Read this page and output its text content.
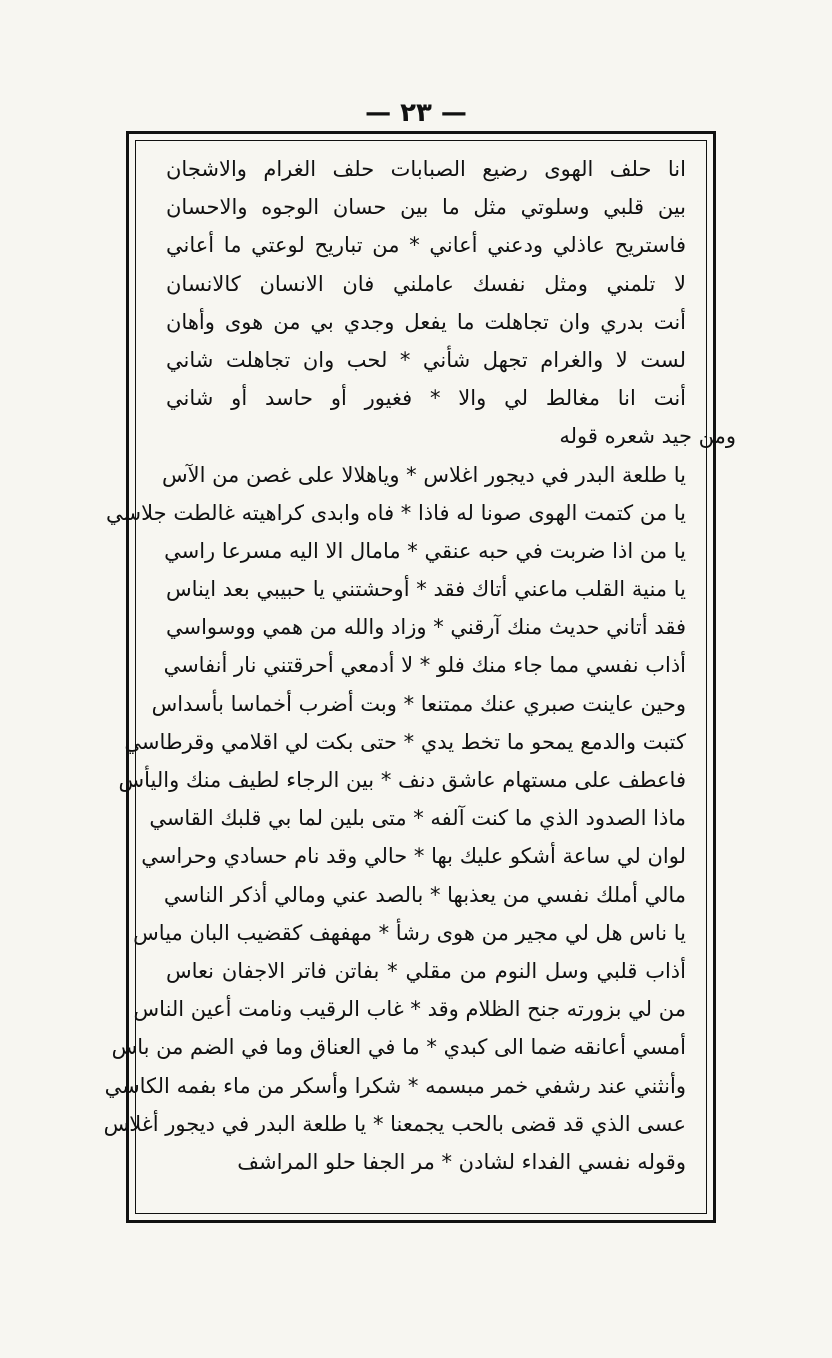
— ٢٣ —
انا حلف الهوى رضيع الصبابات حلف الغرام والاشجان
بين قلبي وسلوتي مثل ما بين حسان الوجوه والاحسان
فاستريح عاذلي ودعني أعاني * من تباريح لوعتي ما أعاني
لا تلمني ومثل نفسك عاملني فان الانسان كالانسان
أنت بدري وان تجاهلت ما يفعل وجدي بي من هوى وأهان
لست لا والغرام تجهل شأني * لحب وان تجاهلت شاني
أنت انا مغالط لي والا * فغيور أو حاسد أو شاني
ومن جيد شعره قوله
يا طلعة البدر في ديجور اغلاس * وياهلالا على غصن من الآس
يا من كتمت الهوى صونا له فاذا * فاه وابدى كراهيته غالطت جلاسي
يا من اذا ضربت في حبه عنقي * مامال الا اليه مسرعا راسي
يا منية القلب ماعني أتاك فقد * أوحشتني يا حبيبي بعد ايناس
فقد أتاني حديث منك آرقني * وزاد والله من همي ووسواسي
أذاب نفسي مما جاء منك فلو * لا أدمعي أحرقتني نار أنفاسي
وحين عاينت صبري عنك ممتنعا * وبت أضرب أخماسا بأسداس
كتبت والدمع يمحو ما تخط يدي * حتى بكت لي اقلامي وقرطاسي
فاعطف على مستهام عاشق دنف * بين الرجاء لطيف منك واليأس
ماذا الصدود الذي ما كنت آلفه * متى بلين لما بي قلبك القاسي
لوان لي ساعة أشكو عليك بها * حالي وقد نام حسادي وحراسي
مالي أملك نفسي من يعذبها * بالصد عني ومالي أذكر الناسي
يا ناس هل لي مجير من هوى رشأ * مهفهف كقضيب البان مياس
أذاب قلبي وسل النوم من مقلي * بفاتن فاتر الاجفان نعاس
من لي بزورته جنح الظلام وقد * غاب الرقيب ونامت أعين الناس
أمسي أعانقه ضما الى كبدي * ما في العناق وما في الضم من باس
وأنثني عند رشفي خمر مبسمه * شكرا وأسكر من ماء بفمه الكاسي
عسى الذي قد قضى بالحب يجمعنا * يا طلعة البدر في ديجور أغلاس
وقوله نفسي الفداء لشادن * مر الجفا حلو المراشف
